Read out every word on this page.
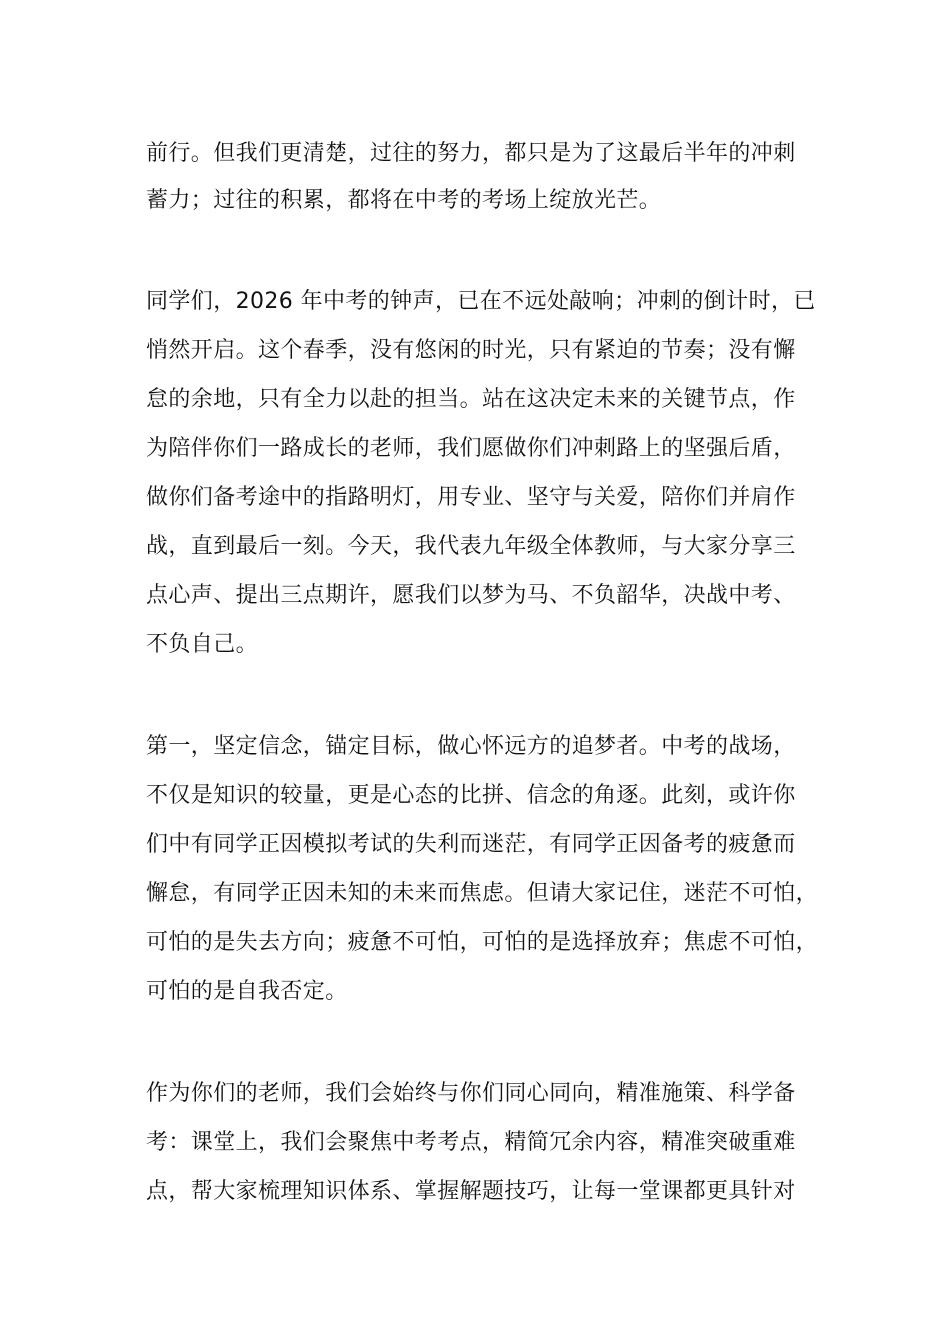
前行。但我们更清楚，过往的努力，都只是为了这最后半年的冲刺
蓄力；过往的积累，都将在中考的考场上绽放光芒。
同学们，2026 年中考的钟声，已在不远处敲响；冲刺的倒计时，已
悄然开启。这个春季，没有悠闲的时光，只有紧迫的节奏；没有懈
怠的余地，只有全力以赴的担当。站在这决定未来的关键节点，作
为陪伴你们一路成长的老师，我们愿做你们冲刺路上的坚强后盾，
做你们备考途中的指路明灯，用专业、坚守与关爱，陪你们并肩作
战，直到最后一刻。今天，我代表九年级全体教师，与大家分享三
点心声、提出三点期许，愿我们以梦为马、不负韶华，决战中考、
不负自己。
第一，坚定信念，锚定目标，做心怀远方的追梦者。中考的战场，
不仅是知识的较量，更是心态的比拼、信念的角逐。此刻，或许你
们中有同学正因模拟考试的失利而迷茫，有同学正因备考的疲惫而
懈怠，有同学正因未知的未来而焦虑。但请大家记住，迷茫不可怕，
可怕的是失去方向；疲惫不可怕，可怕的是选择放弃；焦虑不可怕，
可怕的是自我否定。
作为你们的老师，我们会始终与你们同心同向，精准施策、科学备
考：课堂上，我们会聚焦中考考点，精简冗余内容，精准突破重难
点，帮大家梳理知识体系、掌握解题技巧，让每一堂课都更具针对
